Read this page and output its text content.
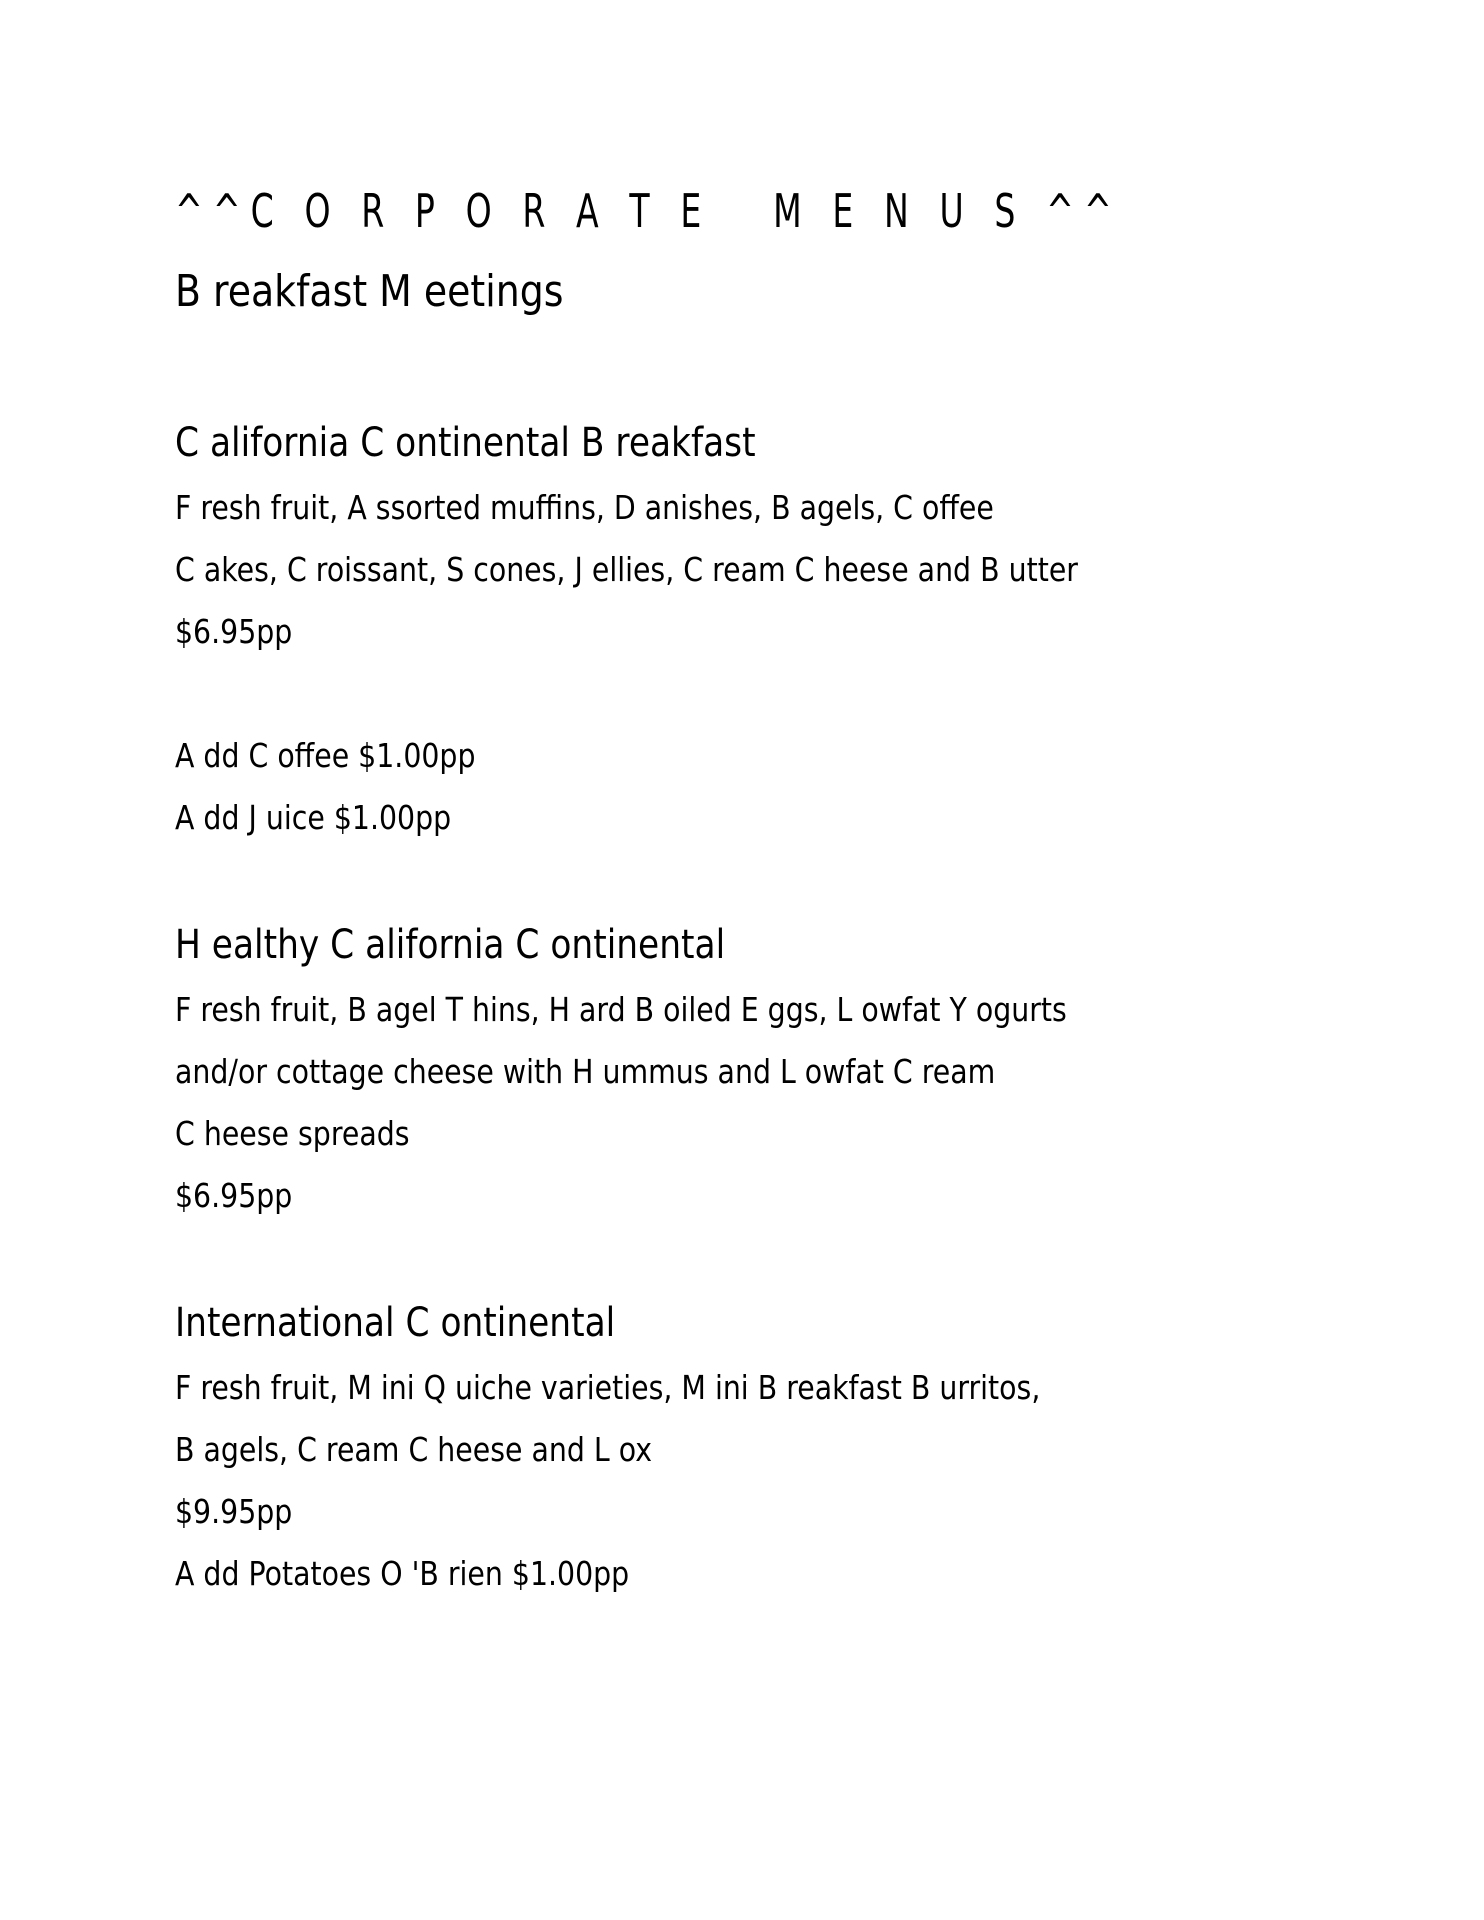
^^C O R P O R A T E   M E N U S ^^
B reakfast M eetings
C alifornia C ontinental B reakfast

F resh fruit, A ssorted muffins, D anishes, B agels, C offee

C akes, C roissant, S cones, J ellies, C ream C heese and B utter

$6.95pp

A dd C offee $1.00pp

A dd J uice $1.00pp

H ealthy C alifornia C ontinental

F resh fruit, B agel T hins, H ard B oiled E ggs, L owfat Y ogurts

and/or cottage cheese with H ummus and L owfat C ream

C heese spreads

$6.95pp

International C ontinental

F resh fruit, M ini Q uiche varieties, M ini B reakfast B urritos,

B agels, C ream C heese and L ox

$9.95pp

A dd Potatoes O 'B rien $1.00pp
